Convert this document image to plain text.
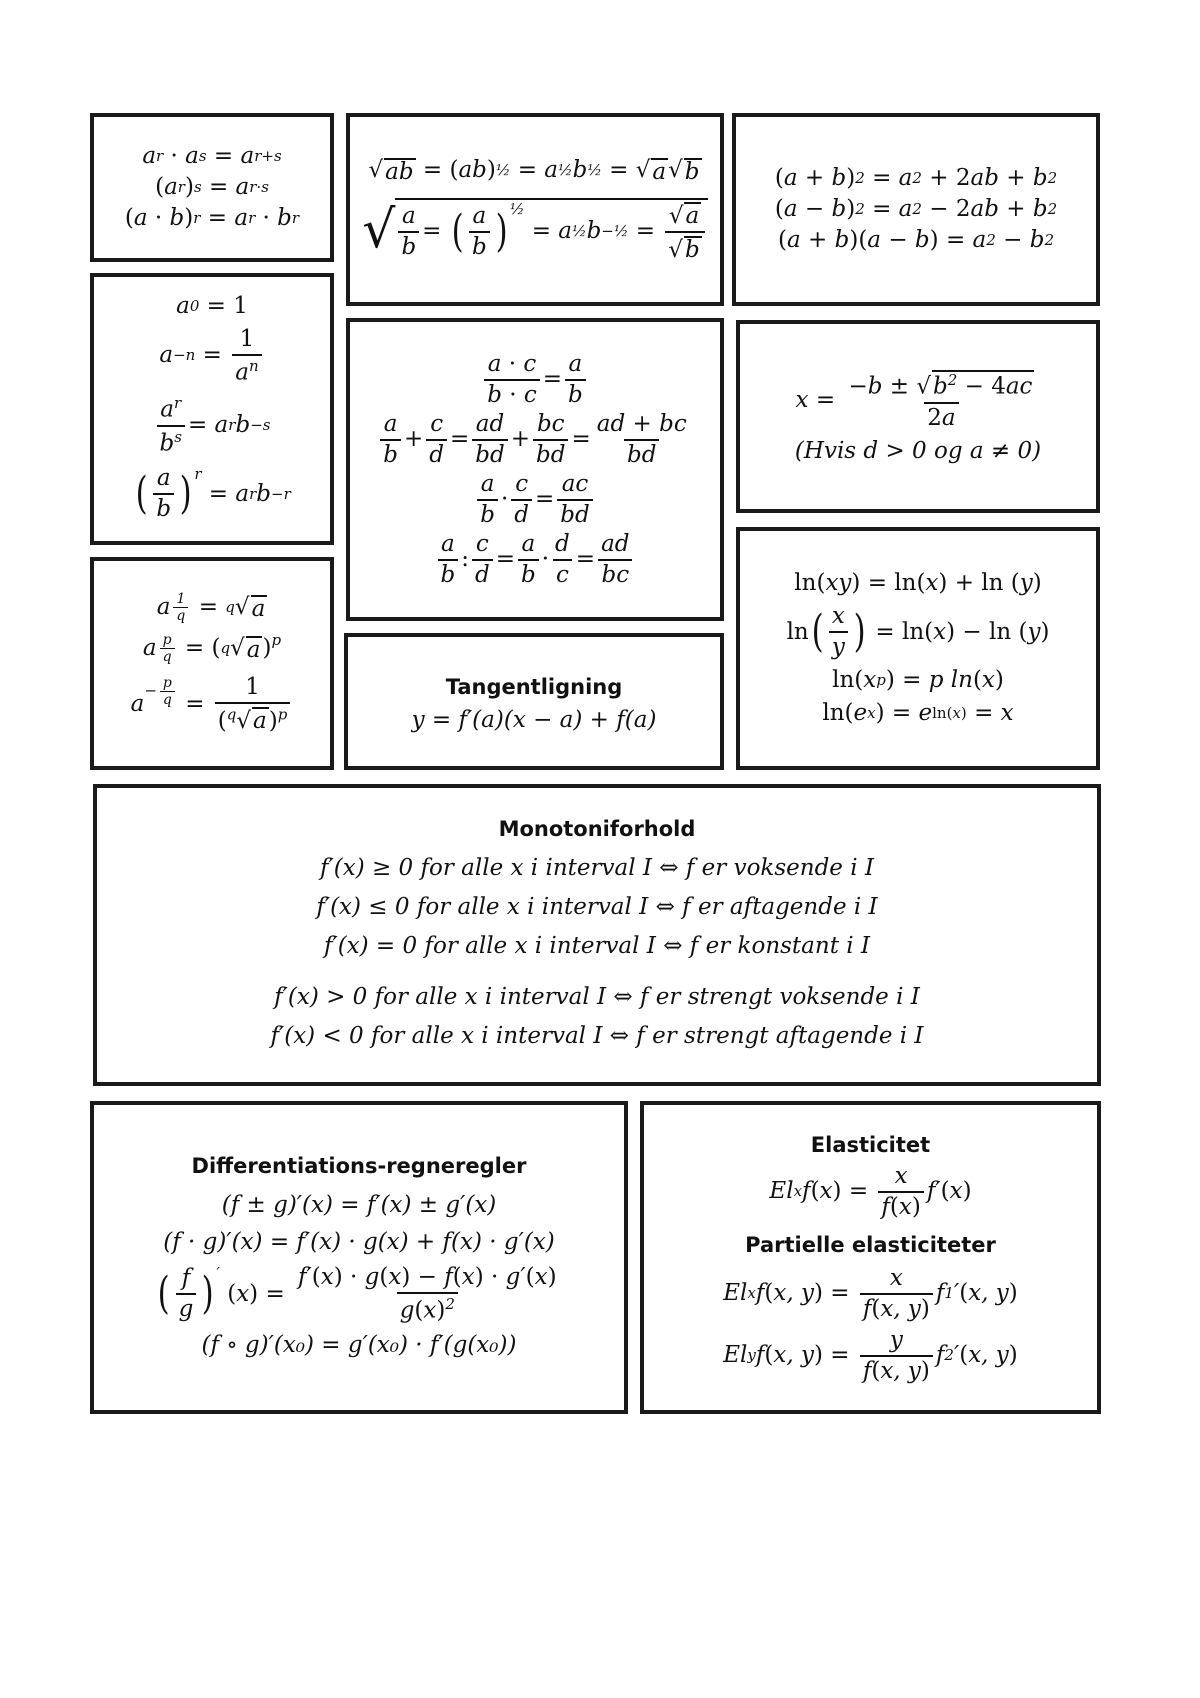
a r
· a s
= a r+s
( a r ) s
= a r·s
( a · b ) r
= a r
· b r
√ ab
=
( ab ) ½
= a ½ b ½
=
√ a √ b
√ $\frac{a}{b}$ =
( $\frac{a}{b} )^{\frac{1}{2}}$

= a ½ b −½
=
$\frac{√a}{√b}$
( a + b ) 2
= a 2
+
2 ab + b 2
( a − b ) 2
= a 2
−
2 ab + b 2
( a + b )( a − b )
= a 2
− b 2
a 0
= 1
a −n
=
$\frac{1}{a^n}$
$\frac{a^r}{b^s} = a$ r b −s
( $\frac{a}{b} )^r$

= a r b −r
$\frac{a \cdot c}{b \cdot c} = \frac{a}{b}$
$\frac{a}{b} + \frac{c}{d} = \frac{ad}{bd} + \frac{bc}{bd} = \frac{ad + bc}{bd}$
$\frac{a}{b} \cdot \frac{c}{d} = \frac{ac}{bd}$
$\frac{a}{b}$ : $\frac{c}{d} = \frac{a}{b} \cdot \frac{d}{c} = \frac{ad}{bc}$
x =
$\frac{-b \pm √b^2 - 4ac}{2a}$
(Hvis d > 0 og a ≠ 0)
a $\frac{1}{q}$
=
q √ a
a $\frac{p}{q}$
=
( q √ a )$^p$
a
− $\frac{p}{q}$
=
$\frac{1}{(^q√a)^p}$	Tangentligning
y = f′(a)(x − a) + f(a)
ln( xy ) = ln( x ) + ln ( y )
ln ( $\frac{x}{y}$ )
= ln( x ) − ln ( y )
ln( x p ) = p ln ( x )
ln( e x ) = e ln(x)
= x
Monotoniforhold
f′(x) ≥ 0 for alle x i interval I ⇔ f er voksende i I
f′(x) ≤ 0 for alle x i interval I ⇔ f er aftagende i I
f′(x) = 0 for alle x i interval I ⇔ f er konstant i I
f′(x) > 0 for alle x i interval I ⇔ f er strengt voksende i I
f′(x) < 0 for alle x i interval I ⇔ f er strengt aftagende i I
Differentiations-regneregler
(f ± g)′(x) = f′(x) ± g′(x)
(f · g)′(x) = f′(x) · g(x) + f(x) · g′(x)
( $\frac{f}{g} )'$

( x ) =
$\frac{f'(x) \cdot g(x) - f(x) \cdot g'(x)}{g(x)^2}$
(f ∘ g)′(x₀) = g′(x₀) · f′(g(x₀))
Elasticitet
El x f ( x ) =
$\frac{x}{f(x)} f'$ ( x )
Partielle elasticiteter
El x f ( x, y ) =
$\frac{x}{f(x, y)}$ f 1 ′ ( x, y )
El y f ( x, y ) =
$\frac{y}{f(x, y)}$ f 2 ′ ( x, y )
